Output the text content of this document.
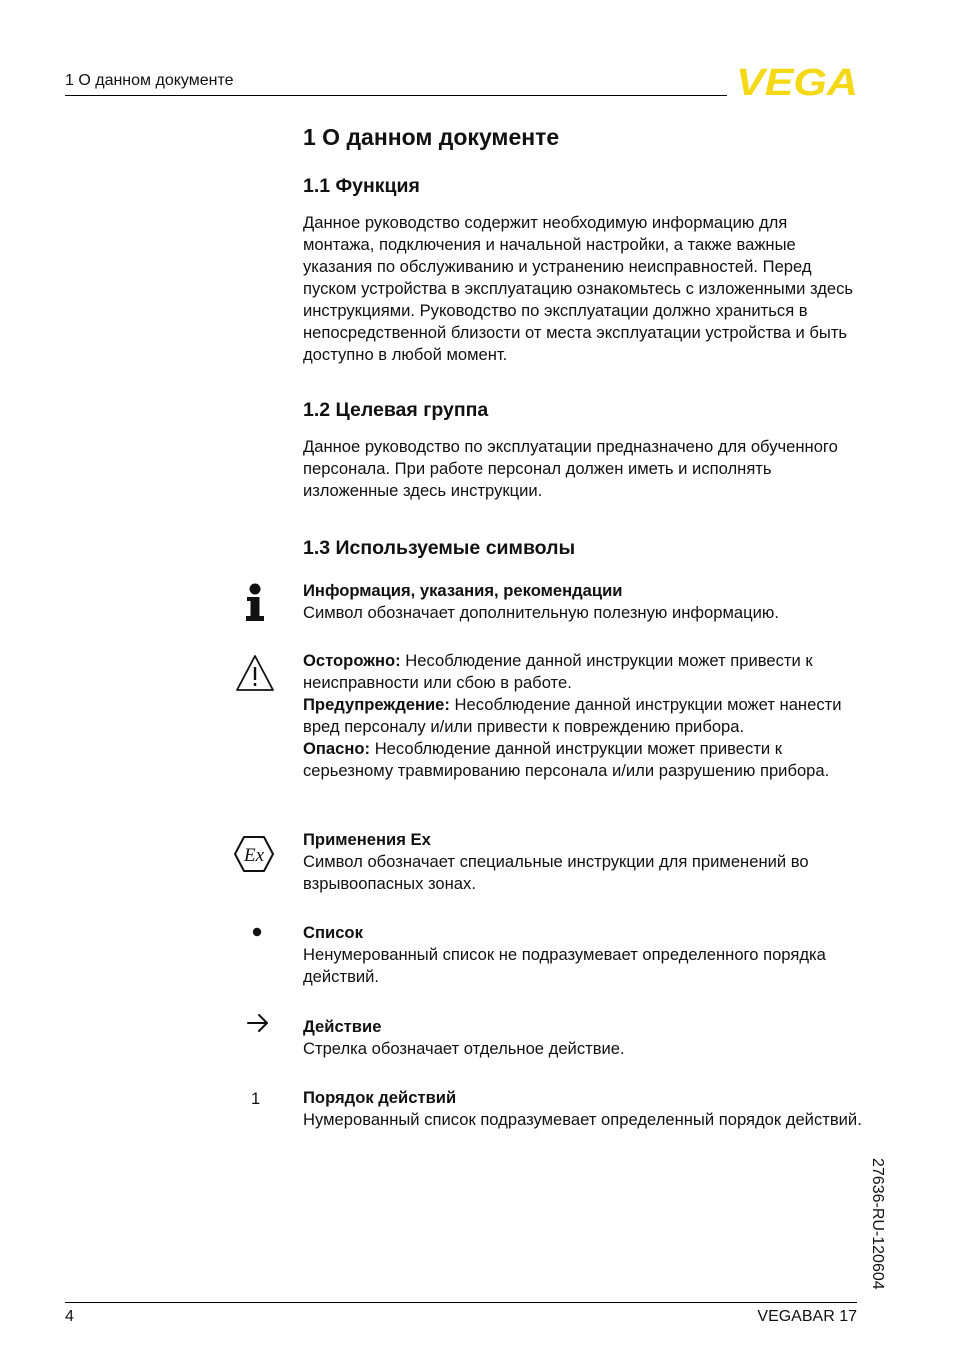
1 О данном документе	VEGA
1 О данном документе
1.1 Функция
Данное руководство содержит необходимую информацию для монтажа, подключения и начальной настройки, а также важные указания по обслуживанию и устранению неисправностей. Перед пуском устройства в эксплуатацию ознакомьтесь с изложенными здесь инструкциями. Руководство по эксплуатации должно храниться в непосредственной близости от места эксплуатации устройства и быть доступно в любой момент.
1.2 Целевая группа
Данное руководство по эксплуатации предназначено для обученного персонала. При работе персонал должен иметь и исполнять изложенные здесь инструкции.
1.3 Используемые символы

Информация, указания, рекомендации

Символ обозначает дополнительную полезную информацию.

Осторожно: Несоблюдение данной инструкции может привести к неисправности или сбою в работе.

Предупреждение: Несоблюдение данной инструкции может нанести вред персоналу и/или привести к повреждению прибора.

Опасно: Несоблюдение данной инструкции может привести к серьезному травмированию персонала и/или разрушению прибора.

Ex

Применения Ex

Символ обозначает специальные инструкции для применений во взрывоопасных зонах.

Список

Ненумерованный список не подразумевает определенного порядка действий.

Действие

Стрелка обозначает отдельное действие.

1	Порядок действий

Нумерованный список подразумевает определенный порядок действий.

27636-RU-120604
4	VEGABAR 17
